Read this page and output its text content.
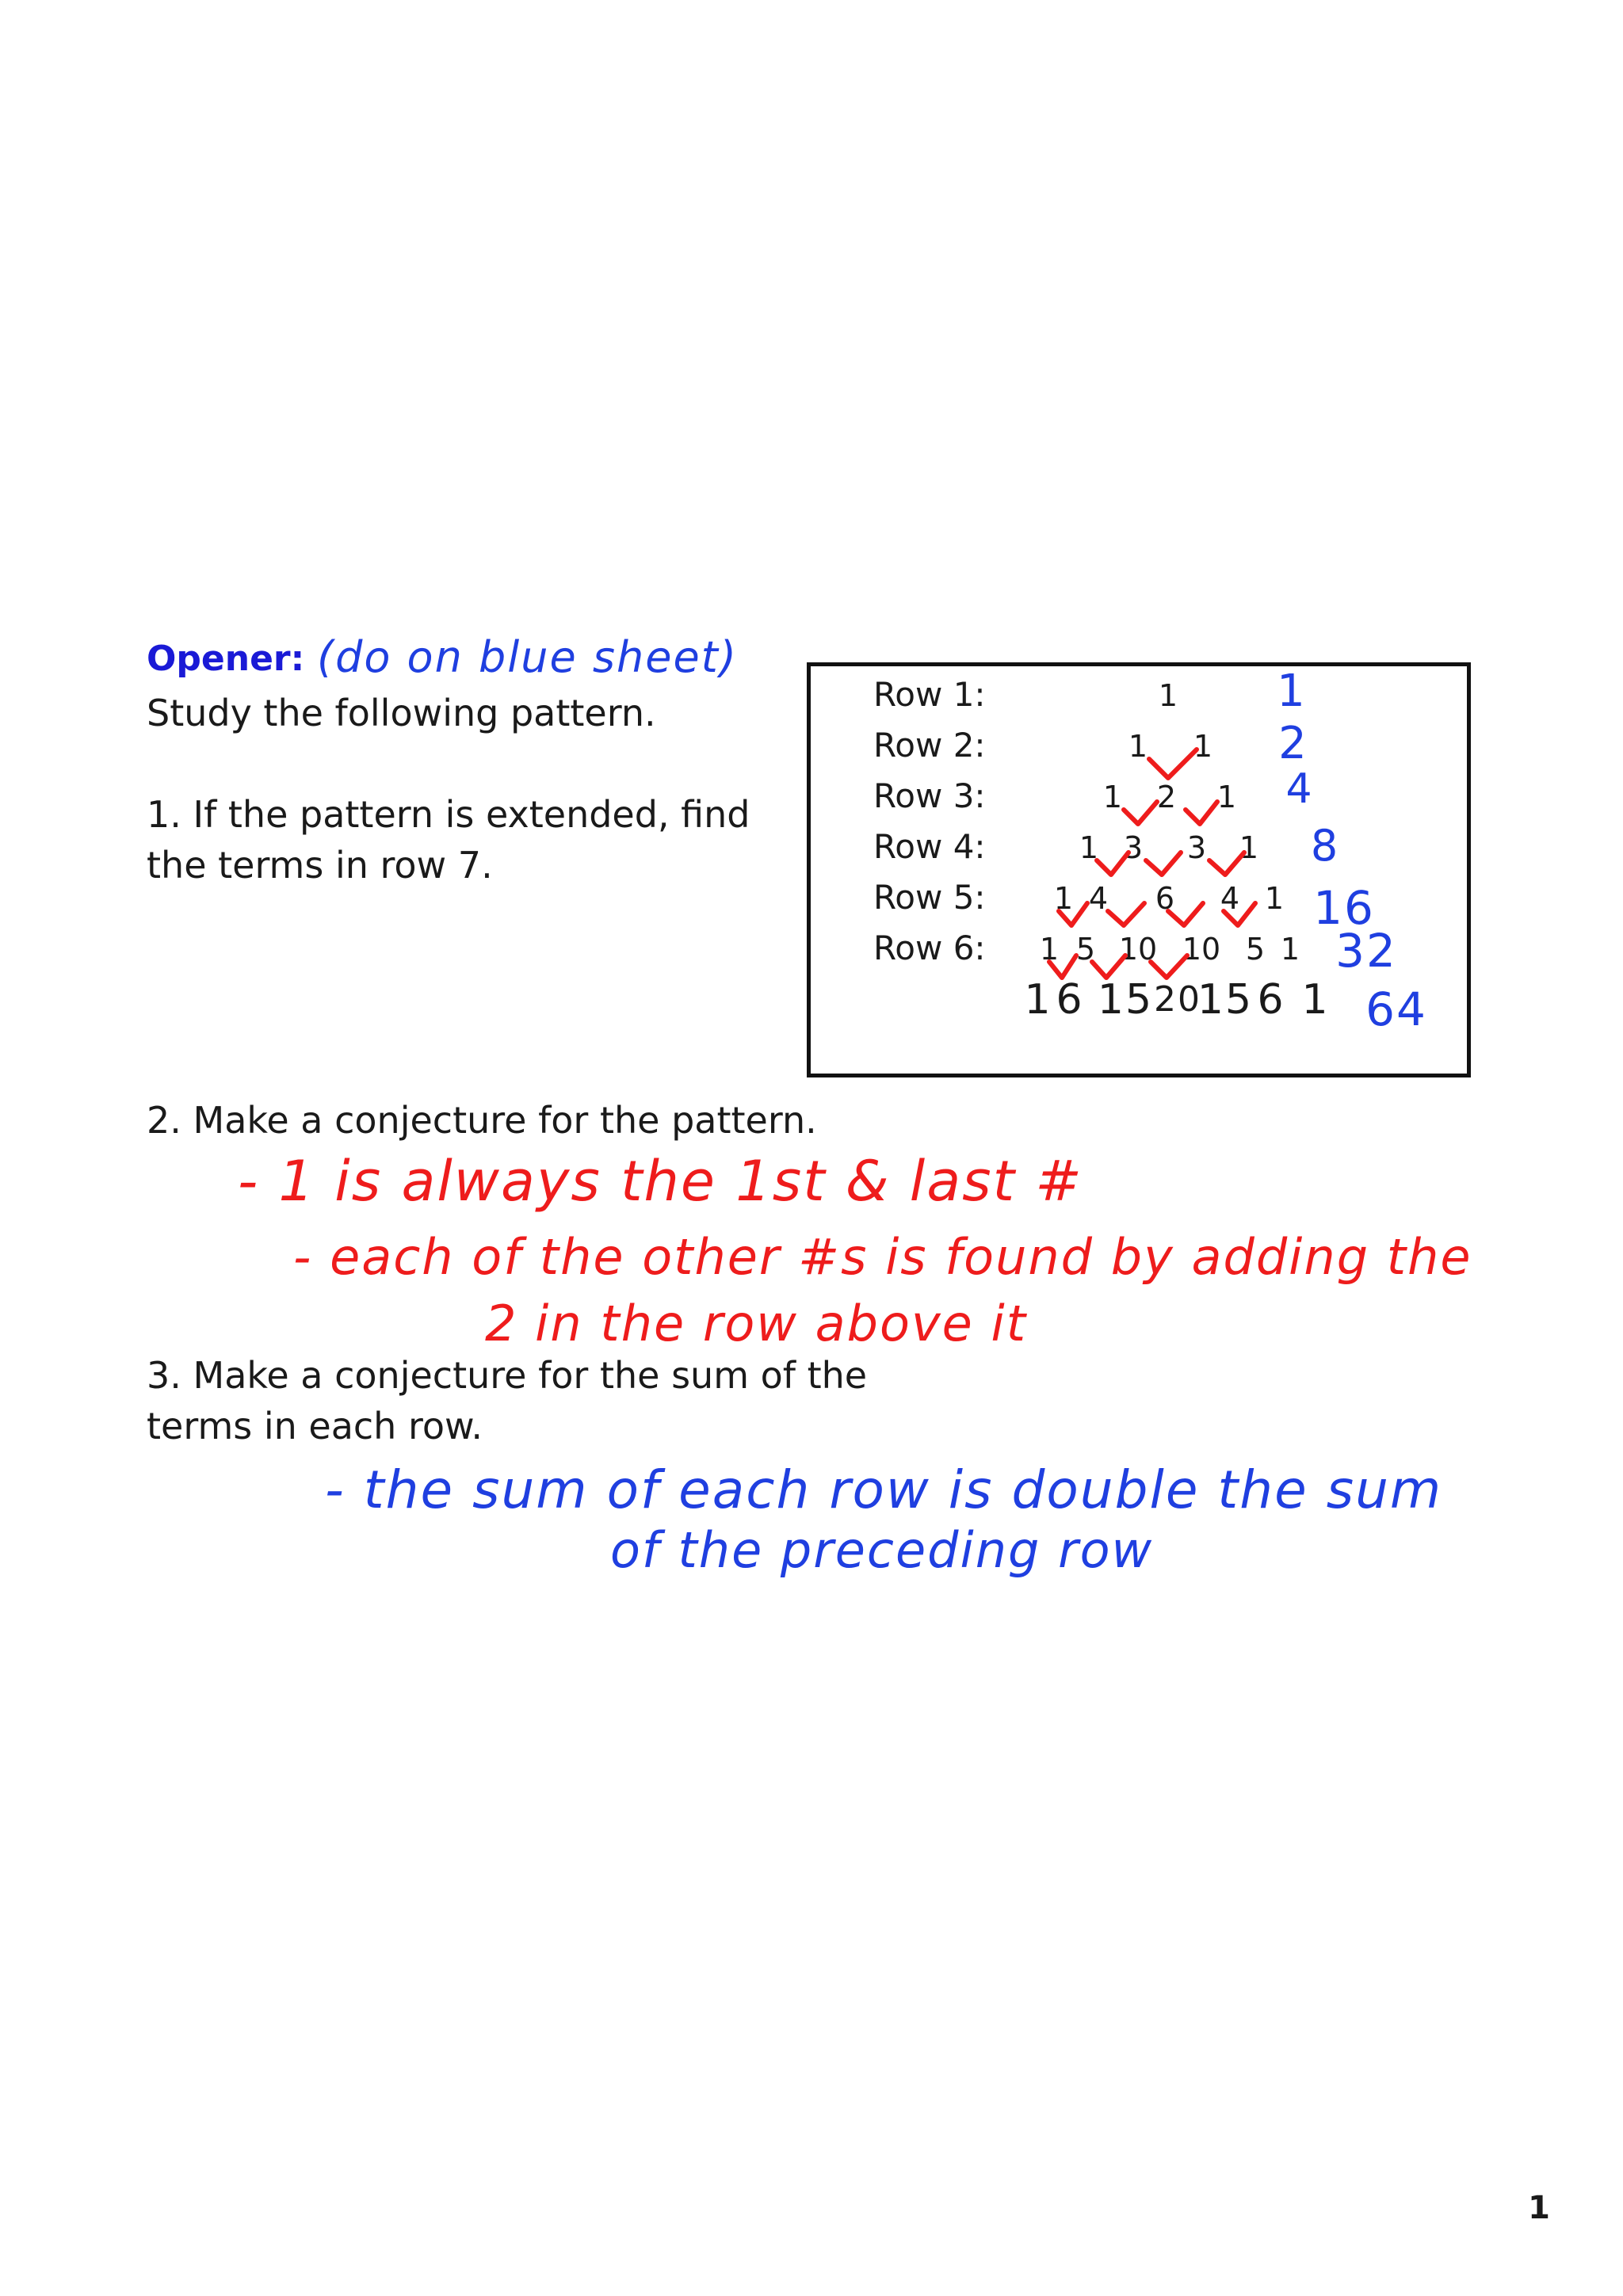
Opener: (do on blue sheet)
Study the following pattern.
1. If the pattern is extended, find
the terms in row 7.
Row 1:
Row 2:
Row 3:
Row 4:
Row 5:
Row 6:
1
1 1
1 2 1
1 3 3 1
1 4 6 4 1
1 5 10 10 5 1
1 6 15 20
15 6 1
1
2
4
8
16
32
64
2. Make a conjecture for the pattern.
- 1 is always the 1st & last #
- each of the other #s is found by adding the
2 in the row above it
3. Make a conjecture for the sum of the
terms in each row.
- the sum of each row is double the sum
of the preceding row
1
